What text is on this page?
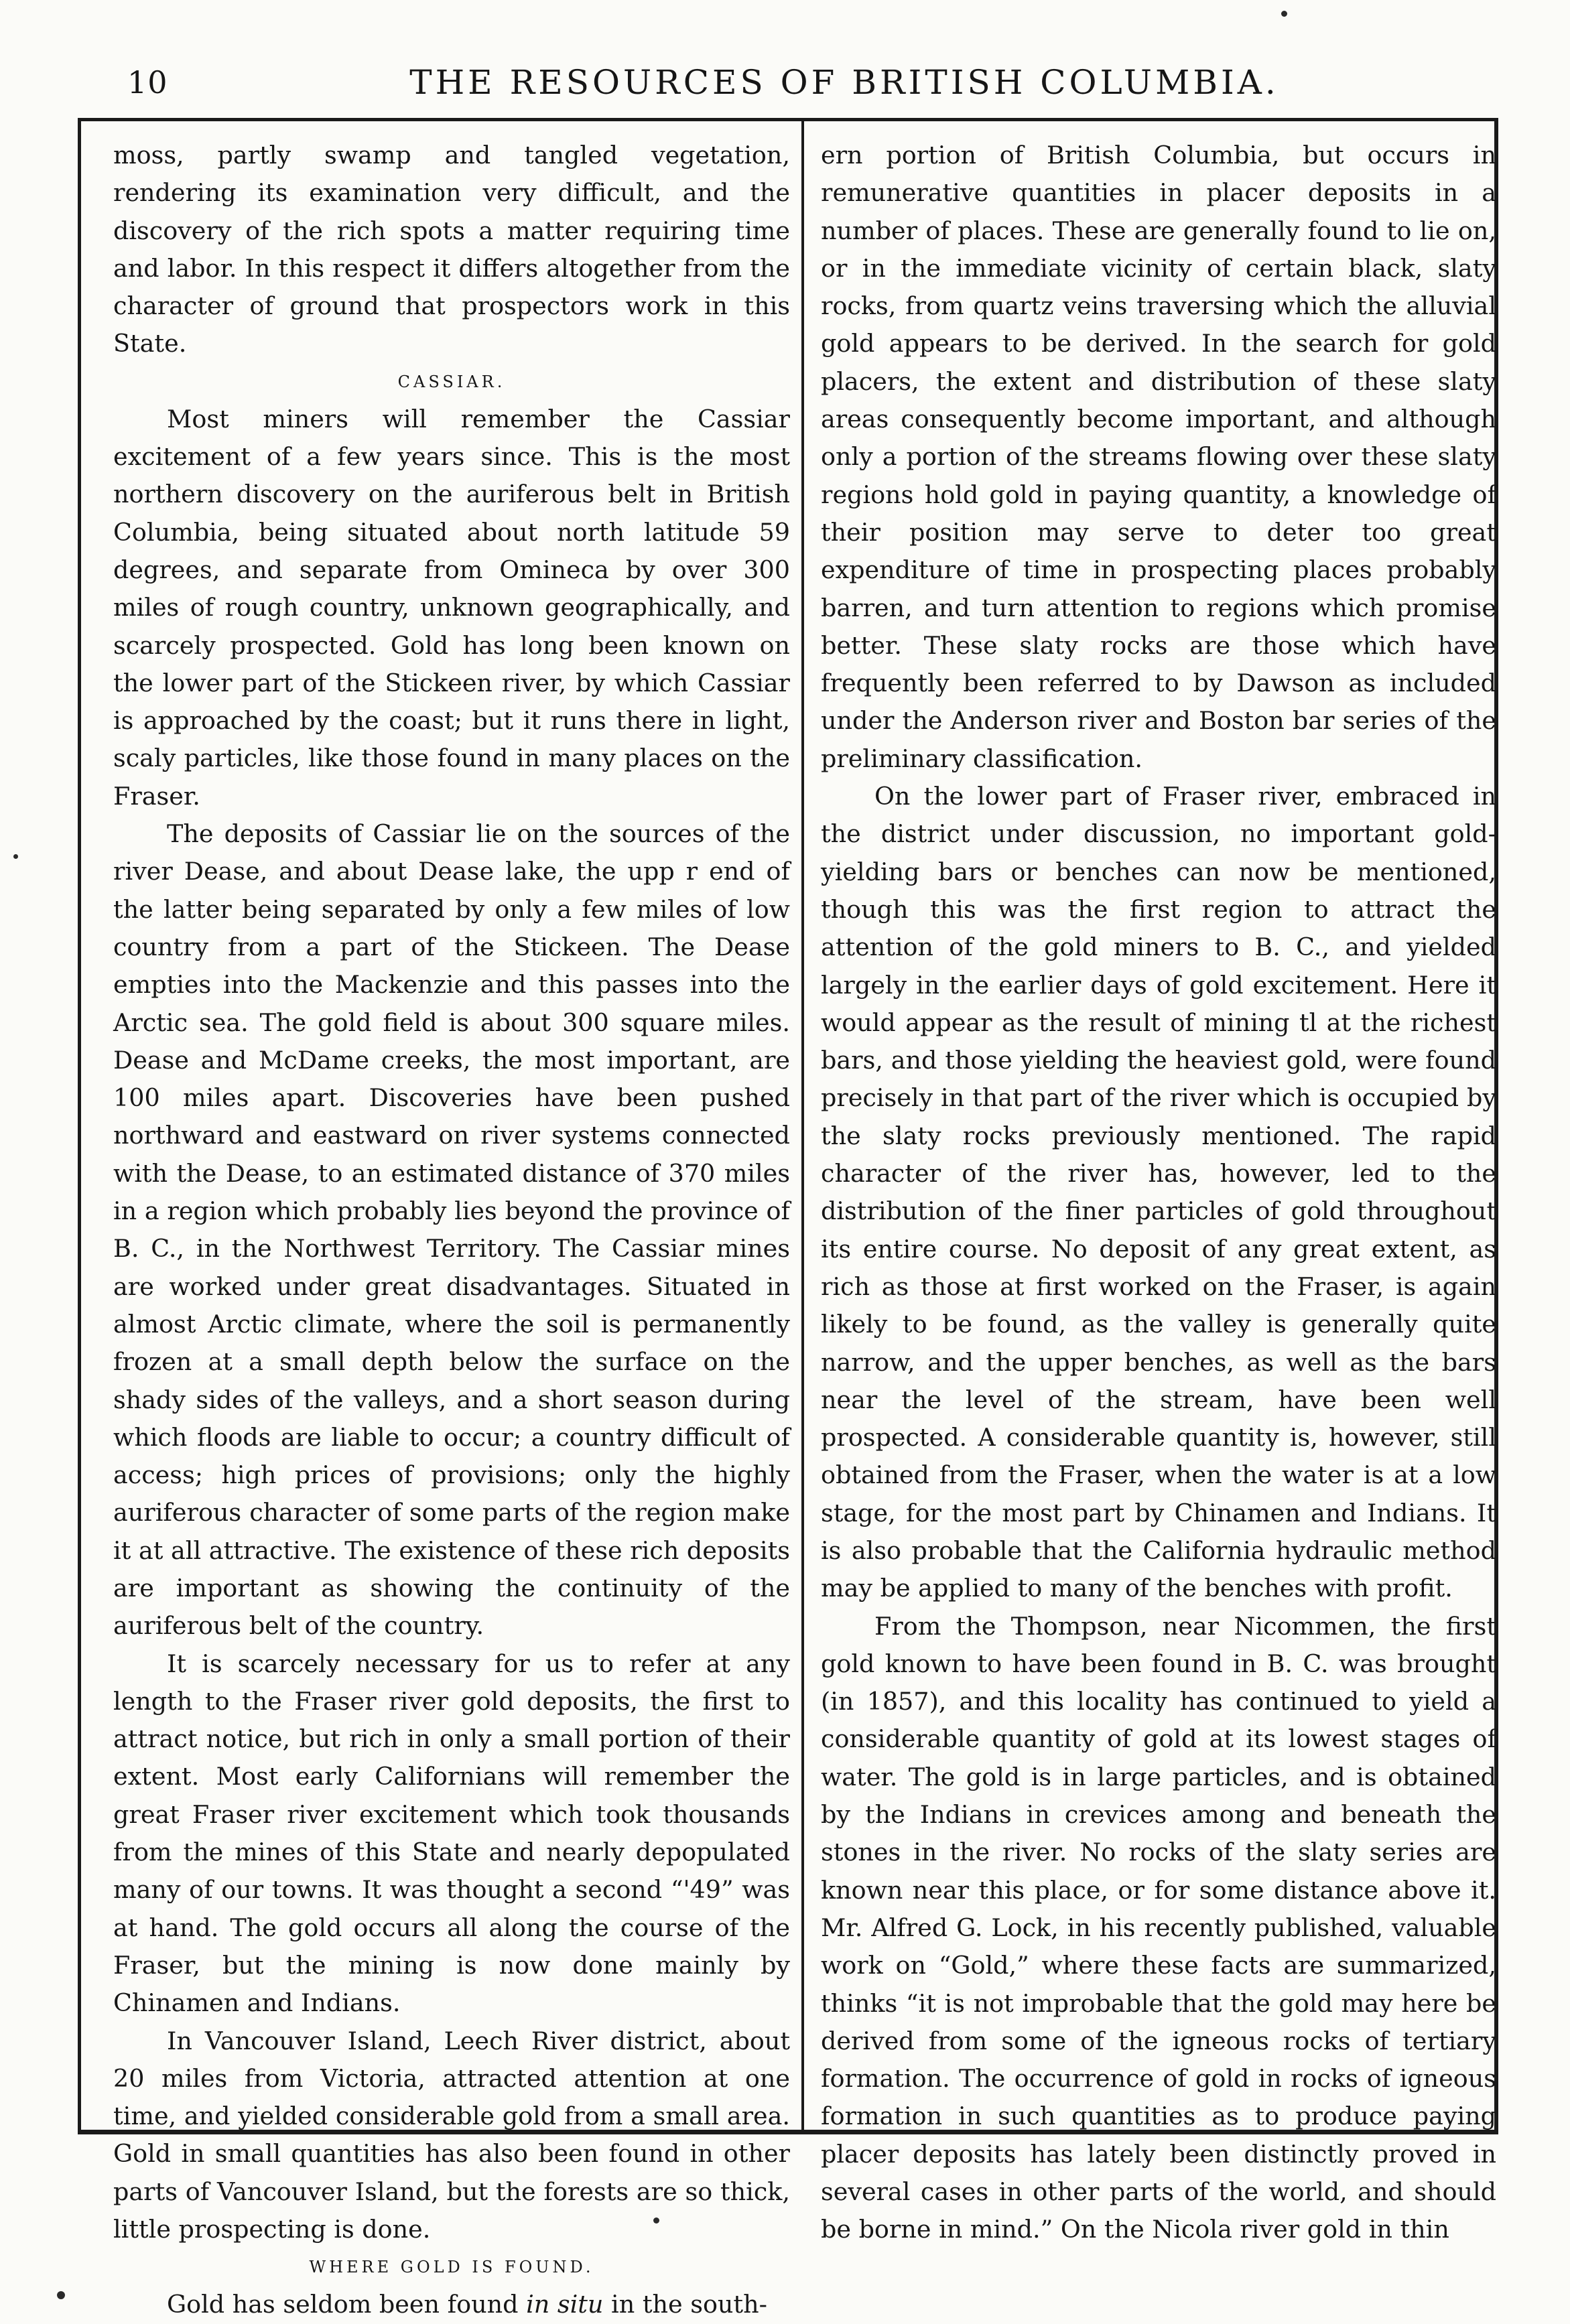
10	THE RESOURCES OF BRITISH COLUMBIA.

moss, partly swamp and tangled vegetation, rendering its examination very difficult, and the discovery of the rich spots a matter requiring time and labor. In this respect it differs altogether from the character of ground that prospectors work in this State.

CASSIAR.

Most miners will remember the Cassiar excitement of a few years since. This is the most northern discovery on the auriferous belt in British Columbia, being situated about north latitude 59 degrees, and separate from Omineca by over 300 miles of rough country, unknown geographically, and scarcely prospected. Gold has long been known on the lower part of the Stickeen river, by which Cassiar is approached by the coast; but it runs there in light, scaly particles, like those found in many places on the Fraser.

The deposits of Cassiar lie on the sources of the river Dease, and about Dease lake, the upp r end of the latter being separated by only a few miles of low country from a part of the Stickeen. The Dease empties into the Mackenzie and this passes into the Arctic sea. The gold field is about 300 square miles. Dease and McDame creeks, the most important, are 100 miles apart. Discoveries have been pushed northward and eastward on river systems connected with the Dease, to an estimated distance of 370 miles in a region which probably lies beyond the province of B. C., in the Northwest Territory. The Cassiar mines are worked under great disadvantages. Situated in almost Arctic climate, where the soil is permanently frozen at a small depth below the surface on the shady sides of the valleys, and a short season during which floods are liable to occur; a country difficult of access; high prices of provisions; only the highly auriferous character of some parts of the region make it at all attractive. The existence of these rich deposits are important as showing the continuity of the auriferous belt of the country.

It is scarcely necessary for us to refer at any length to the Fraser river gold deposits, the first to attract notice, but rich in only a small portion of their extent. Most early Californians will remember the great Fraser river excitement which took thousands from the mines of this State and nearly depopulated many of our towns. It was thought a second “'49” was at hand. The gold occurs all along the course of the Fraser, but the mining is now done mainly by Chinamen and Indians.

In Vancouver Island, Leech River district, about 20 miles from Victoria, attracted attention at one time, and yielded considerable gold from a small area. Gold in small quantities has also been found in other parts of Vancouver Island, but the forests are so thick, little prospecting is done.

WHERE GOLD IS FOUND.

Gold has seldom been found in situ in the south-

ern portion of British Columbia, but occurs in remunerative quantities in placer deposits in a number of places. These are generally found to lie on, or in the immediate vicinity of certain black, slaty rocks, from quartz veins traversing which the alluvial gold appears to be derived. In the search for gold placers, the extent and distribution of these slaty areas consequently become important, and although only a portion of the streams flowing over these slaty regions hold gold in paying quantity, a knowledge of their position may serve to deter too great expenditure of time in prospecting places probably barren, and turn attention to regions which promise better. These slaty rocks are those which have frequently been referred to by Dawson as included under the Anderson river and Boston bar series of the preliminary classification.

On the lower part of Fraser river, embraced in the district under discussion, no important gold-yielding bars or benches can now be mentioned, though this was the first region to attract the attention of the gold miners to B. C., and yielded largely in the earlier days of gold excitement. Here it would appear as the result of mining tl at the richest bars, and those yielding the heaviest gold, were found precisely in that part of the river which is occupied by the slaty rocks previously mentioned. The rapid character of the river has, however, led to the distribution of the finer particles of gold throughout its entire course. No deposit of any great extent, as rich as those at first worked on the Fraser, is again likely to be found, as the valley is generally quite narrow, and the upper benches, as well as the bars near the level of the stream, have been well prospected. A considerable quantity is, however, still obtained from the Fraser, when the water is at a low stage, for the most part by Chinamen and Indians. It is also probable that the California hydraulic method may be applied to many of the benches with profit.

From the Thompson, near Nicommen, the first gold known to have been found in B. C. was brought (in 1857), and this locality has continued to yield a considerable quantity of gold at its lowest stages of water. The gold is in large particles, and is obtained by the Indians in crevices among and beneath the stones in the river. No rocks of the slaty series are known near this place, or for some distance above it. Mr. Alfred G. Lock, in his recently published, valuable work on “Gold,” where these facts are summarized, thinks “it is not improbable that the gold may here be derived from some of the igneous rocks of tertiary formation. The occurrence of gold in rocks of igneous formation in such quantities as to produce paying placer deposits has lately been distinctly proved in several cases in other parts of the world, and should be borne in mind.” On the Nicola river gold in thin
